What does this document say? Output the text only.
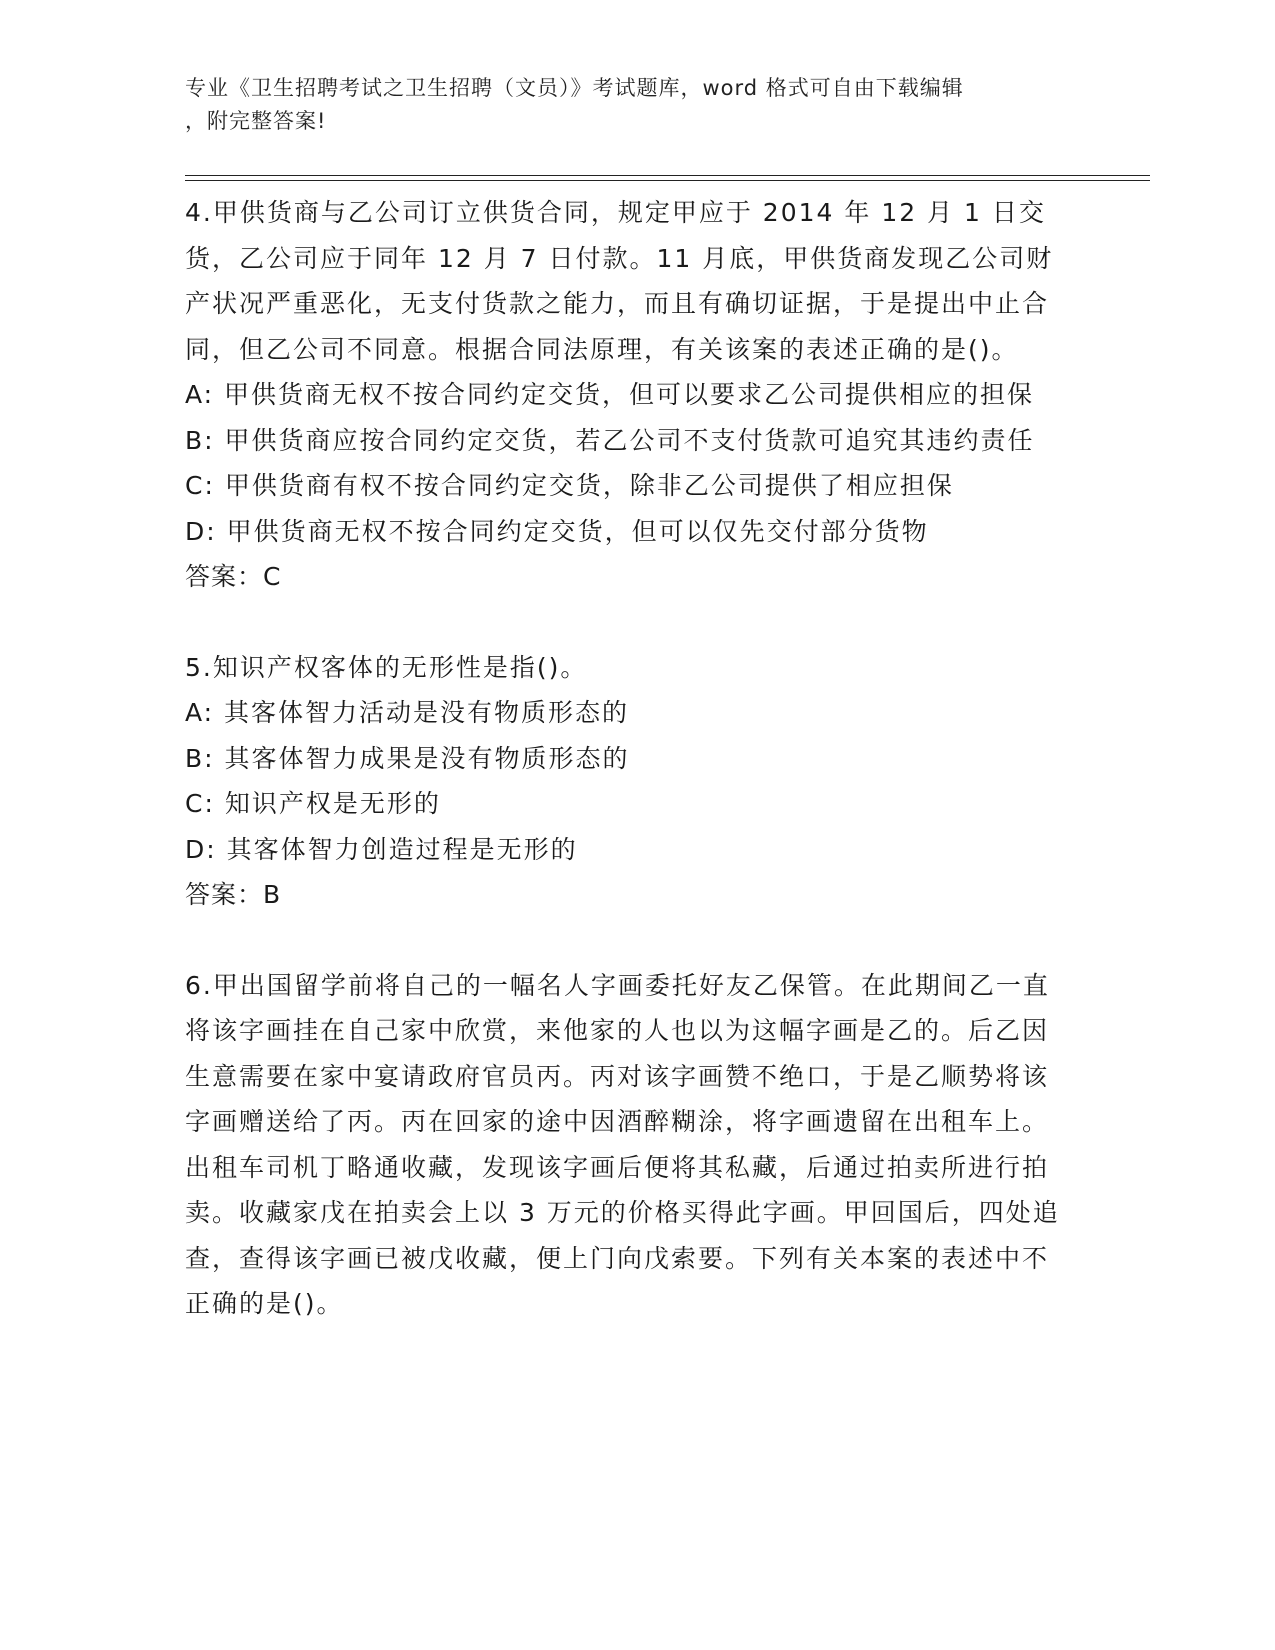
专业《卫生招聘考试之卫生招聘（文员）》考试题库，word 格式可自由下载编辑
，附完整答案!
4.甲供货商与乙公司订立供货合同，规定甲应于 2014 年 12 月 1 日交货，乙公司应于同年 12 月 7 日付款。11 月底，甲供货商发现乙公司财产状况严重恶化，无支付货款之能力，而且有确切证据，于是提出中止合同，但乙公司不同意。根据合同法原理，有关该案的表述正确的是()。
A: 甲供货商无权不按合同约定交货，但可以要求乙公司提供相应的担保
B: 甲供货商应按合同约定交货，若乙公司不支付货款可追究其违约责任
C: 甲供货商有权不按合同约定交货，除非乙公司提供了相应担保
D: 甲供货商无权不按合同约定交货，但可以仅先交付部分货物
答案：C
5.知识产权客体的无形性是指()。
A: 其客体智力活动是没有物质形态的
B: 其客体智力成果是没有物质形态的
C: 知识产权是无形的
D: 其客体智力创造过程是无形的
答案：B
6.甲出国留学前将自己的一幅名人字画委托好友乙保管。在此期间乙一直将该字画挂在自己家中欣赏，来他家的人也以为这幅字画是乙的。后乙因生意需要在家中宴请政府官员丙。丙对该字画赞不绝口，于是乙顺势将该字画赠送给了丙。丙在回家的途中因酒醉糊涂，将字画遗留在出租车上。出租车司机丁略通收藏，发现该字画后便将其私藏，后通过拍卖所进行拍卖。收藏家戊在拍卖会上以 3 万元的价格买得此字画。甲回国后，四处追查，查得该字画已被戊收藏，便上门向戊索要。下列有关本案的表述中不正确的是()。
